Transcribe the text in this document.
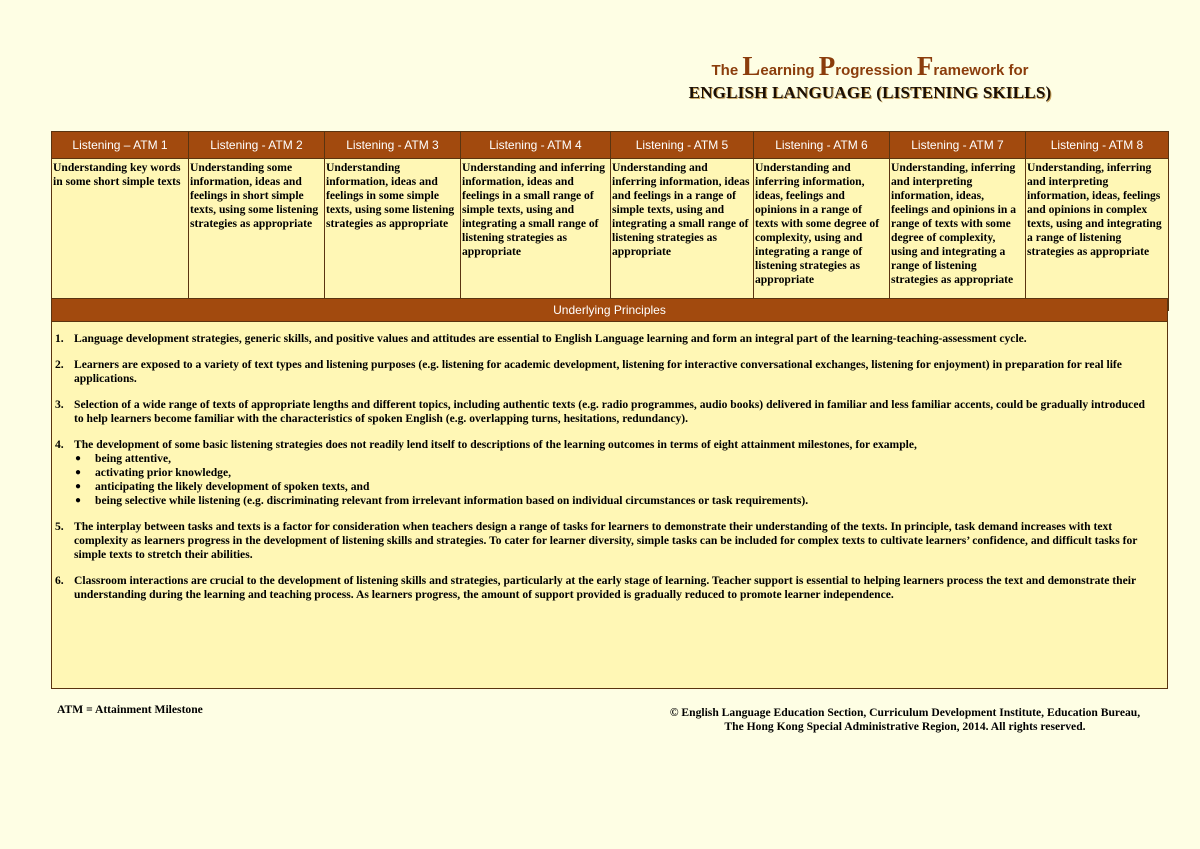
The Learning Progression Framework for
ENGLISH LANGUAGE (LISTENING SKILLS)
Listening – ATM 1	Listening - ATM 2	Listening - ATM 3	Listening - ATM 4	Listening - ATM 5	Listening - ATM 6	Listening - ATM 7	Listening - ATM 8
Understanding key words in some short simple texts	Understanding some information, ideas and feelings in short simple texts, using some listening strategies as appropriate	Understanding information, ideas and feelings in some simple texts, using some listening strategies as appropriate	Understanding and inferring information, ideas and feelings in a small range of simple texts, using and integrating a small range of listening strategies as appropriate	Understanding and inferring information, ideas and feelings in a range of simple texts, using and integrating a small range of listening strategies as appropriate	Understanding and inferring information, ideas, feelings and opinions in a range of texts with some degree of complexity, using and integrating a range of listening strategies as appropriate	Understanding, inferring and interpreting information, ideas, feelings and opinions in a range of texts with some degree of complexity, using and integrating a range of listening strategies as appropriate	Understanding, inferring and interpreting information, ideas, feelings and opinions in complex texts, using and integrating a range of listening strategies as appropriate
Underlying Principles
1. Language development strategies, generic skills, and positive values and attitudes are essential to English Language learning and form an integral part of the learning-teaching-assessment cycle.
2. Learners are exposed to a variety of text types and listening purposes (e.g. listening for academic development, listening for interactive conversational exchanges, listening for enjoyment) in preparation for real life applications.
3. Selection of a wide range of texts of appropriate lengths and different topics, including authentic texts (e.g. radio programmes, audio books) delivered in familiar and less familiar accents, could be gradually introduced to help learners become familiar with the characteristics of spoken English (e.g. overlapping turns, hesitations, redundancy).
4. The development of some basic listening strategies does not readily lend itself to descriptions of the learning outcomes in terms of eight attainment milestones, for example,
● being attentive,
● activating prior knowledge,
● anticipating the likely development of spoken texts, and
● being selective while listening (e.g. discriminating relevant from irrelevant information based on individual circumstances or task requirements).
5. The interplay between tasks and texts is a factor for consideration when teachers design a range of tasks for learners to demonstrate their understanding of the texts. In principle, task demand increases with text complexity as learners progress in the development of listening skills and strategies. To cater for learner diversity, simple tasks can be included for complex texts to cultivate learners’ confidence, and difficult tasks for simple texts to stretch their abilities.
6. Classroom interactions are crucial to the development of listening skills and strategies, particularly at the early stage of learning. Teacher support is essential to helping learners process the text and demonstrate their understanding during the learning and teaching process. As learners progress, the amount of support provided is gradually reduced to promote learner independence.
ATM = Attainment Milestone	© English Language Education Section, Curriculum Development Institute, Education Bureau,
The Hong Kong Special Administrative Region, 2014. All rights reserved.
